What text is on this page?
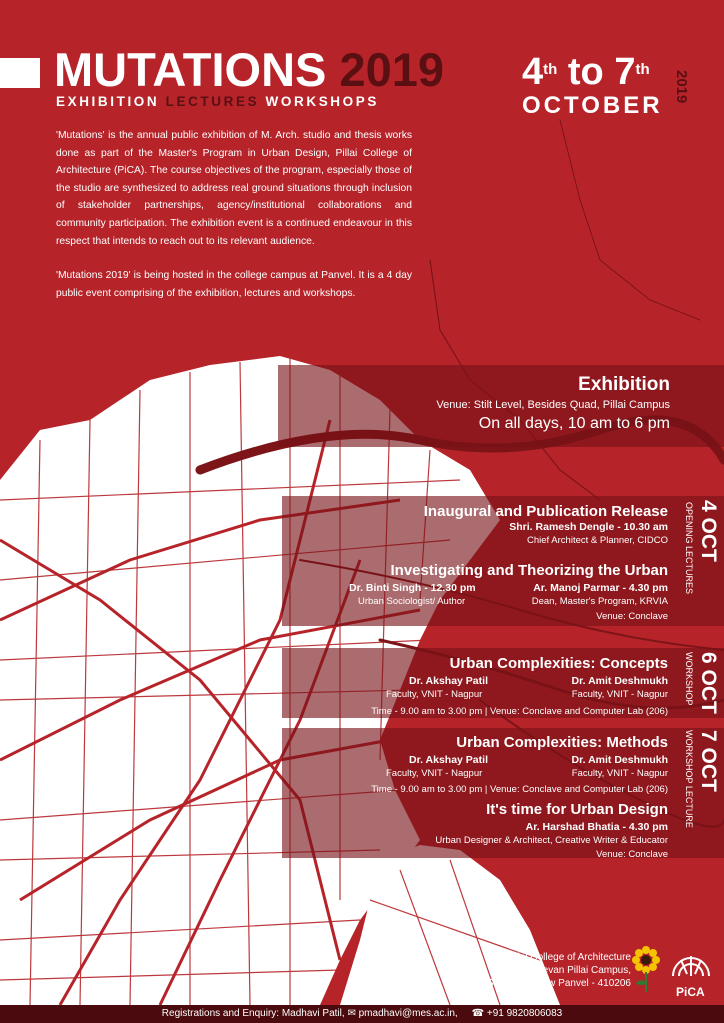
MUTATIONS 2019
EXHIBITION LECTURES WORKSHOPS
4th to 7th
OCTOBER
2019

'Mutations' is the annual public exhibition of M. Arch. studio and thesis works done as part of the Master's Program in Urban Design, Pillai College of Architecture (PiCA). The course objectives of the program, especially those of the studio are synthesized to address real ground situations through inclusion of stakeholder partnerships, agency/institutional collaborations and community participation. The exhibition event is a continued endeavour in this respect that intends to reach out to its relevant audience.

'Mutations 2019' is being hosted in the college campus at Panvel. It is a 4 day public event comprising of the exhibition, lectures and workshops.

Exhibition
Venue: Stilt Level, Besides Quad, Pillai Campus
On all days, 10 am to 6 pm
Inaugural and Publication Release
Shri. Ramesh Dengle - 10.30 am
Chief Architect & Planner, CIDCO
Investigating and Theorizing the Urban
Dr. Binti Singh - 12.30 pm
Urban Sociologist/ Author
Ar. Manoj Parmar - 4.30 pm
Dean, Master's Program, KRVIA
Venue: Conclave
4 OCT
OPENING LECTURES
Urban Complexities: Concepts
Dr. Akshay Patil
Faculty, VNIT - Nagpur
Dr. Amit Deshmukh
Faculty, VNIT - Nagpur
Time - 9.00 am to 3.00 pm | Venue: Conclave and Computer Lab (206) 6 OCT
WORKSHOP
Urban Complexities: Methods
Dr. Akshay Patil
Faculty, VNIT - Nagpur
Dr. Amit Deshmukh
Faculty, VNIT - Nagpur
Time - 9.00 am to 3.00 pm | Venue: Conclave and Computer Lab (206)
It's time for Urban Design
Ar. Harshad Bhatia - 4.30 pm
Urban Designer & Architect, Creative Writer & Educator
Venue: Conclave
7 OCT
WORKSHOP LECTURE
Pillai College of Architecture
Dr. K. M. Vasudevan Pillai Campus,
Sector 16, New Panvel - 410206
PiCA
Registrations and Enquiry: Madhavi Patil, ✉ pmadhavi@mes.ac.in, ☎ +91 9820806083
